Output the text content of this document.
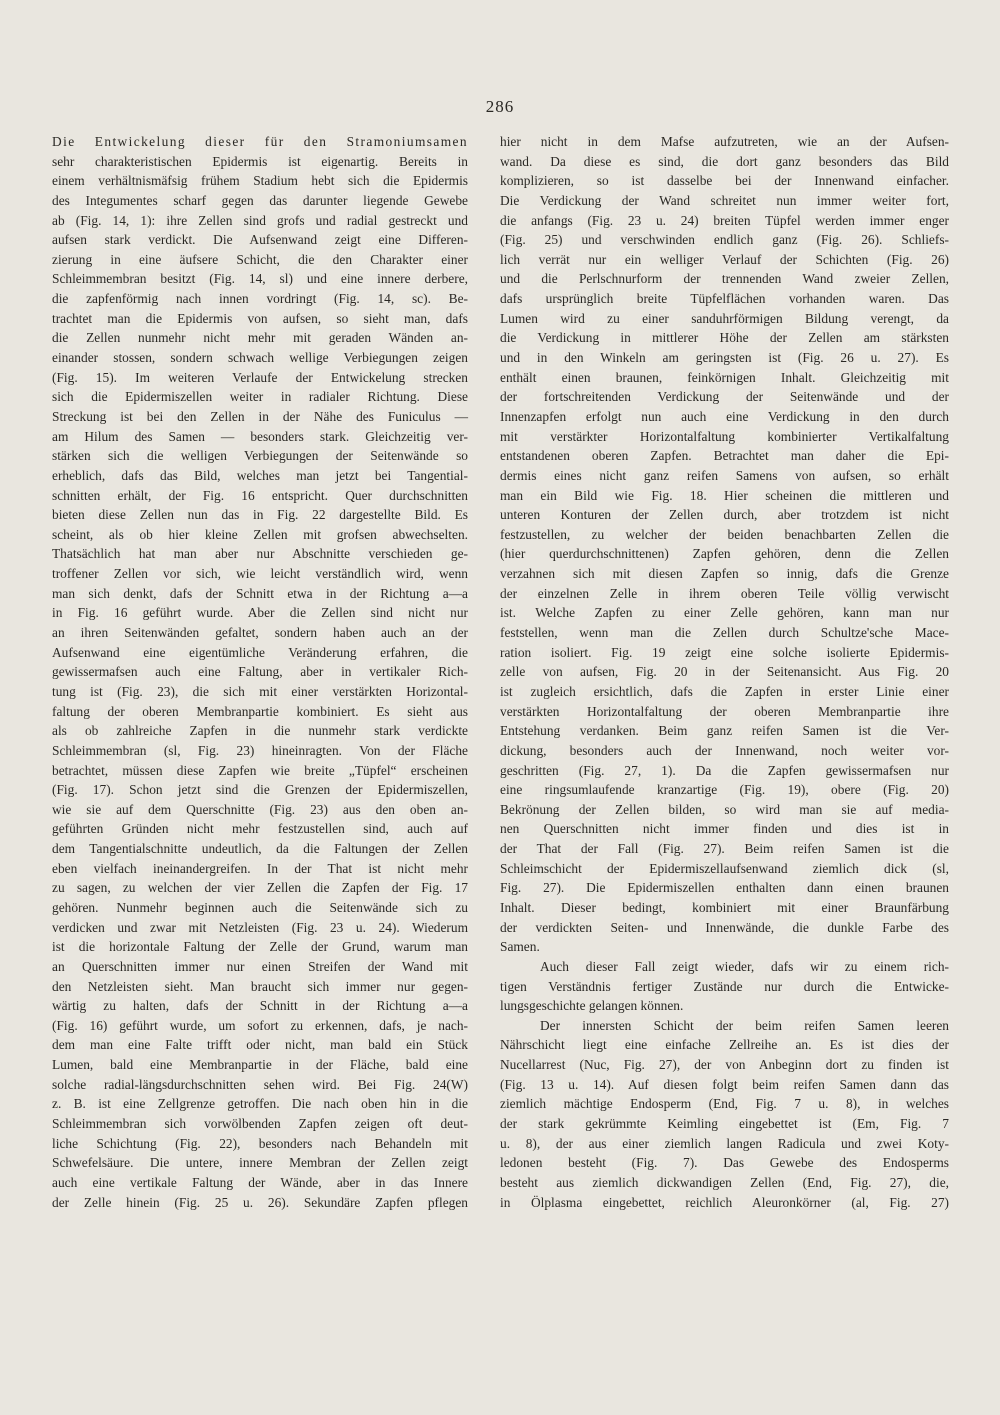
286
Die Entwickelung dieser für den Stramoniumsamen
sehr charakteristischen Epidermis ist eigenartig. Bereits in
einem verhältnismäfsig frühem Stadium hebt sich die Epidermis
des Integumentes scharf gegen das darunter liegende Gewebe
ab (Fig. 14, 1): ihre Zellen sind grofs und radial gestreckt und
aufsen stark verdickt. Die Aufsenwand zeigt eine Differen-
zierung in eine äufsere Schicht, die den Charakter einer
Schleimmembran besitzt (Fig. 14, sl) und eine innere derbere,
die zapfenförmig nach innen vordringt (Fig. 14, sc). Be-
trachtet man die Epidermis von aufsen, so sieht man, dafs
die Zellen nunmehr nicht mehr mit geraden Wänden an-
einander stossen, sondern schwach wellige Verbiegungen zeigen
(Fig. 15). Im weiteren Verlaufe der Entwickelung strecken
sich die Epidermiszellen weiter in radialer Richtung. Diese
Streckung ist bei den Zellen in der Nähe des Funiculus —
am Hilum des Samen — besonders stark. Gleichzeitig ver-
stärken sich die welligen Verbiegungen der Seitenwände so
erheblich, dafs das Bild, welches man jetzt bei Tangential-
schnitten erhält, der Fig. 16 entspricht. Quer durchschnitten
bieten diese Zellen nun das in Fig. 22 dargestellte Bild. Es
scheint, als ob hier kleine Zellen mit grofsen abwechselten.
Thatsächlich hat man aber nur Abschnitte verschieden ge-
troffener Zellen vor sich, wie leicht verständlich wird, wenn
man sich denkt, dafs der Schnitt etwa in der Richtung a—a
in Fig. 16 geführt wurde. Aber die Zellen sind nicht nur
an ihren Seitenwänden gefaltet, sondern haben auch an der
Aufsenwand eine eigentümliche Veränderung erfahren, die
gewissermafsen auch eine Faltung, aber in vertikaler Rich-
tung ist (Fig. 23), die sich mit einer verstärkten Horizontal-
faltung der oberen Membranpartie kombiniert. Es sieht aus
als ob zahlreiche Zapfen in die nunmehr stark verdickte
Schleimmembran (sl, Fig. 23) hineinragten. Von der Fläche
betrachtet, müssen diese Zapfen wie breite „Tüpfel“ erscheinen
(Fig. 17). Schon jetzt sind die Grenzen der Epidermiszellen,
wie sie auf dem Querschnitte (Fig. 23) aus den oben an-
geführten Gründen nicht mehr festzustellen sind, auch auf
dem Tangentialschnitte undeutlich, da die Faltungen der Zellen
eben vielfach ineinandergreifen. In der That ist nicht mehr
zu sagen, zu welchen der vier Zellen die Zapfen der Fig. 17
gehören. Nunmehr beginnen auch die Seitenwände sich zu
verdicken und zwar mit Netzleisten (Fig. 23 u. 24). Wiederum
ist die horizontale Faltung der Zelle der Grund, warum man
an Querschnitten immer nur einen Streifen der Wand mit
den Netzleisten sieht. Man braucht sich immer nur gegen-
wärtig zu halten, dafs der Schnitt in der Richtung a—a
(Fig. 16) geführt wurde, um sofort zu erkennen, dafs, je nach-
dem man eine Falte trifft oder nicht, man bald ein Stück
Lumen, bald eine Membranpartie in der Fläche, bald eine
solche radial-längsdurchschnitten sehen wird. Bei Fig. 24(W)
z. B. ist eine Zellgrenze getroffen. Die nach oben hin in die
Schleimmembran sich vorwölbenden Zapfen zeigen oft deut-
liche Schichtung (Fig. 22), besonders nach Behandeln mit
Schwefelsäure. Die untere, innere Membran der Zellen zeigt
auch eine vertikale Faltung der Wände, aber in das Innere
der Zelle hinein (Fig. 25 u. 26). Sekundäre Zapfen pflegen
hier nicht in dem Mafse aufzutreten, wie an der Aufsen-
wand. Da diese es sind, die dort ganz besonders das Bild
komplizieren, so ist dasselbe bei der Innenwand einfacher.
Die Verdickung der Wand schreitet nun immer weiter fort,
die anfangs (Fig. 23 u. 24) breiten Tüpfel werden immer enger
(Fig. 25) und verschwinden endlich ganz (Fig. 26). Schliefs-
lich verrät nur ein welliger Verlauf der Schichten (Fig. 26)
und die Perlschnurform der trennenden Wand zweier Zellen,
dafs ursprünglich breite Tüpfelflächen vorhanden waren. Das
Lumen wird zu einer sanduhrförmigen Bildung verengt, da
die Verdickung in mittlerer Höhe der Zellen am stärksten
und in den Winkeln am geringsten ist (Fig. 26 u. 27). Es
enthält einen braunen, feinkörnigen Inhalt. Gleichzeitig mit
der fortschreitenden Verdickung der Seitenwände und der
Innenzapfen erfolgt nun auch eine Verdickung in den durch
mit verstärkter Horizontalfaltung kombinierter Vertikalfaltung
entstandenen oberen Zapfen. Betrachtet man daher die Epi-
dermis eines nicht ganz reifen Samens von aufsen, so erhält
man ein Bild wie Fig. 18. Hier scheinen die mittleren und
unteren Konturen der Zellen durch, aber trotzdem ist nicht
festzustellen, zu welcher der beiden benachbarten Zellen die
(hier querdurchschnittenen) Zapfen gehören, denn die Zellen
verzahnen sich mit diesen Zapfen so innig, dafs die Grenze
der einzelnen Zelle in ihrem oberen Teile völlig verwischt
ist. Welche Zapfen zu einer Zelle gehören, kann man nur
feststellen, wenn man die Zellen durch Schultze'sche Mace-
ration isoliert. Fig. 19 zeigt eine solche isolierte Epidermis-
zelle von aufsen, Fig. 20 in der Seitenansicht. Aus Fig. 20
ist zugleich ersichtlich, dafs die Zapfen in erster Linie einer
verstärkten Horizontalfaltung der oberen Membranpartie ihre
Entstehung verdanken. Beim ganz reifen Samen ist die Ver-
dickung, besonders auch der Innenwand, noch weiter vor-
geschritten (Fig. 27, 1). Da die Zapfen gewissermafsen nur
eine ringsumlaufende kranzartige (Fig. 19), obere (Fig. 20)
Bekrönung der Zellen bilden, so wird man sie auf media-
nen Querschnitten nicht immer finden und dies ist in
der That der Fall (Fig. 27). Beim reifen Samen ist die
Schleimschicht der Epidermiszellaufsenwand ziemlich dick (sl,
Fig. 27). Die Epidermiszellen enthalten dann einen braunen
Inhalt. Dieser bedingt, kombiniert mit einer Braunfärbung
der verdickten Seiten- und Innenwände, die dunkle Farbe des
Samen.
Auch dieser Fall zeigt wieder, dafs wir zu einem rich-
tigen Verständnis fertiger Zustände nur durch die Entwicke-
lungsgeschichte gelangen können.
Der innersten Schicht der beim reifen Samen leeren
Nährschicht liegt eine einfache Zellreihe an. Es ist dies der
Nucellarrest (Nuc, Fig. 27), der von Anbeginn dort zu finden ist
(Fig. 13 u. 14). Auf diesen folgt beim reifen Samen dann das
ziemlich mächtige Endosperm (End, Fig. 7 u. 8), in welches
der stark gekrümmte Keimling eingebettet ist (Em, Fig. 7
u. 8), der aus einer ziemlich langen Radicula und zwei Koty-
ledonen besteht (Fig. 7). Das Gewebe des Endosperms
besteht aus ziemlich dickwandigen Zellen (End, Fig. 27), die,
in Ölplasma eingebettet, reichlich Aleuronkörner (al, Fig. 27)
